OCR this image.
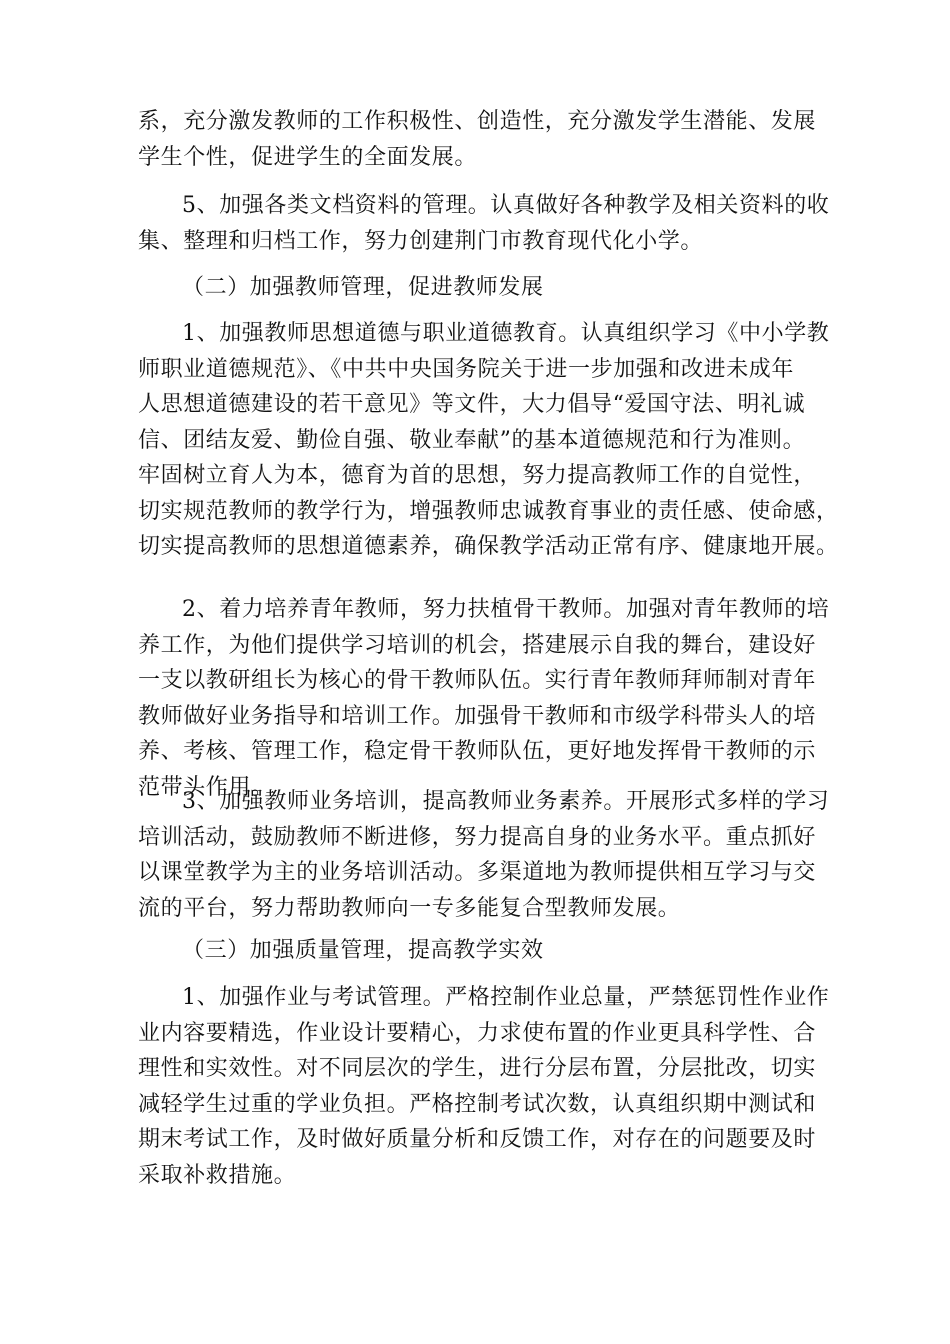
系，充分激发教师的工作积极性、创造性，充分激发学生潜能、发展
学生个性，促进学生的全面发展。
5、加强各类文档资料的管理。认真做好各种教学及相关资料的收
集、整理和归档工作，努力创建荆门市教育现代化小学。
（二）加强教师管理，促进教师发展
1、加强教师思想道德与职业道德教育。认真组织学习《中小学教
师职业道德规范》、《中共中央国务院关于进一步加强和改进未成年
人思想道德建设的若干意见》等文件，大力倡导“爱国守法、明礼诚
信、团结友爱、勤俭自强、敬业奉献”的基本道德规范和行为准则。
牢固树立育人为本，德育为首的思想，努力提高教师工作的自觉性，
切实规范教师的教学行为，增强教师忠诚教育事业的责任感、使命感，
切实提高教师的思想道德素养，确保教学活动正常有序、健康地开展。
2、着力培养青年教师，努力扶植骨干教师。加强对青年教师的培
养工作，为他们提供学习培训的机会，搭建展示自我的舞台，建设好
一支以教研组长为核心的骨干教师队伍。实行青年教师拜师制对青年
教师做好业务指导和培训工作。加强骨干教师和市级学科带头人的培
养、考核、管理工作，稳定骨干教师队伍，更好地发挥骨干教师的示
范带头作用。
3、加强教师业务培训，提高教师业务素养。开展形式多样的学习
培训活动，鼓励教师不断进修，努力提高自身的业务水平。重点抓好
以课堂教学为主的业务培训活动。多渠道地为教师提供相互学习与交
流的平台，努力帮助教师向一专多能复合型教师发展。
（三）加强质量管理，提高教学实效
1、加强作业与考试管理。严格控制作业总量，严禁惩罚性作业作
业内容要精选，作业设计要精心，力求使布置的作业更具科学性、合
理性和实效性。对不同层次的学生，进行分层布置，分层批改，切实
减轻学生过重的学业负担。严格控制考试次数，认真组织期中测试和
期末考试工作，及时做好质量分析和反馈工作，对存在的问题要及时
采取补救措施。
